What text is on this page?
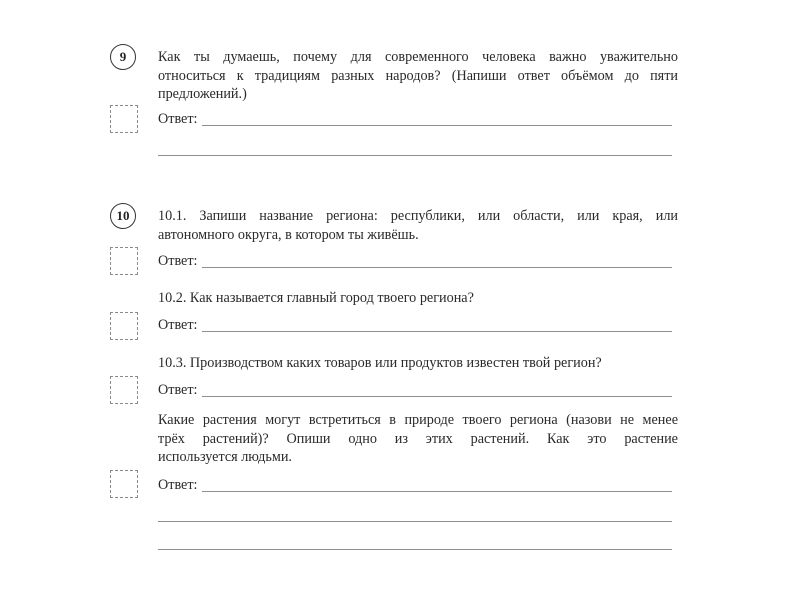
9 Как ты думаешь, почему для современного человека важно уважительно
относиться к традициям разных народов? (Напиши ответ объёмом до пяти
предложений.)
Ответ:
10 10.1. Запиши название региона: республики, или области, или края, или
автономного округа, в котором ты живёшь.
Ответ:
10.2. Как называется главный город твоего региона?
Ответ:
10.3. Производством каких товаров или продуктов известен твой регион?
Ответ:
Какие растения могут встретиться в природе твоего региона (назови не менее
трёх растений)? Опиши одно из этих растений. Как это растение
используется людьми.
Ответ:
